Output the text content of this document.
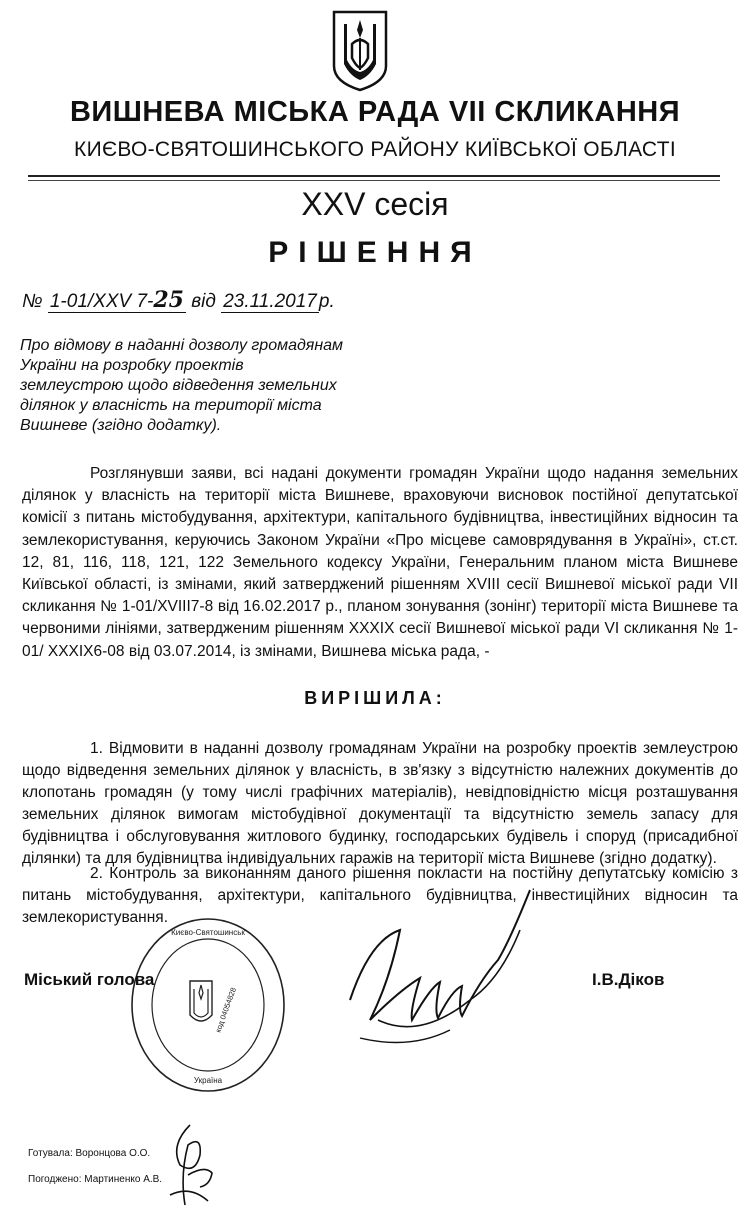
ВИШНЕВА МІСЬКА РАДА VII СКЛИКАННЯ
КИЄВО-СВЯТОШИНСЬКОГО РАЙОНУ КИЇВСЬКОЇ ОБЛАСТІ
XXV сесія
РІШЕННЯ
№ 1-01/XXV 7-25 від 23.11.2017 р.
Про відмову в наданні дозволу громадянам України на розробку проектів землеустрою щодо відведення земельних ділянок у власність на території міста Вишневе (згідно додатку).
Розглянувши заяви, всі надані документи громадян України щодо надання земельних ділянок у власність на території міста Вишневе, враховуючи висновок постійної депутатської комісії з питань містобудування, архітектури, капітального будівництва, інвестиційних відносин та землекористування, керуючись Законом України «Про місцеве самоврядування в Україні», ст.ст. 12, 81, 116, 118, 121, 122 Земельного кодексу України, Генеральним планом міста Вишневе Київської області, із змінами, який затверджений рішенням XVIII сесії Вишневої міської ради VII скликання № 1-01/XVIII7-8 від 16.02.2017 р., планом зонування (зонінг) території міста Вишневе та червоними лініями, затвердженим рішенням XXXIX сесії Вишневої міської ради VI скликання № 1-01/ XXXIX6-08 від 03.07.2014, із змінами, Вишнева міська рада, -
ВИРІШИЛА:
1. Відмовити в наданні дозволу громадянам України на розробку проектів землеустрою щодо відведення земельних ділянок у власність, в зв'язку з відсутністю належних документів до клопотань громадян (у тому числі графічних матеріалів), невідповідністю місця розташування земельних ділянок вимогам містобудівної документації та відсутністю земель запасу для будівництва і обслуговування житлового будинку, господарських будівель і споруд (присадибної ділянки) та для будівництва індивідуальних гаражів на території міста Вишневе (згідно додатку).
2. Контроль за виконанням даного рішення покласти на постійну депутатську комісію з питань містобудування, архітектури, капітального будівництва, інвестиційних відносин та землекористування.
Києво-Святошинськ
код 04054828
Україна
Міський голова	І.В.Діков
Готувала: Воронцова О.О.
Погоджено: Мартиненко А.В.
